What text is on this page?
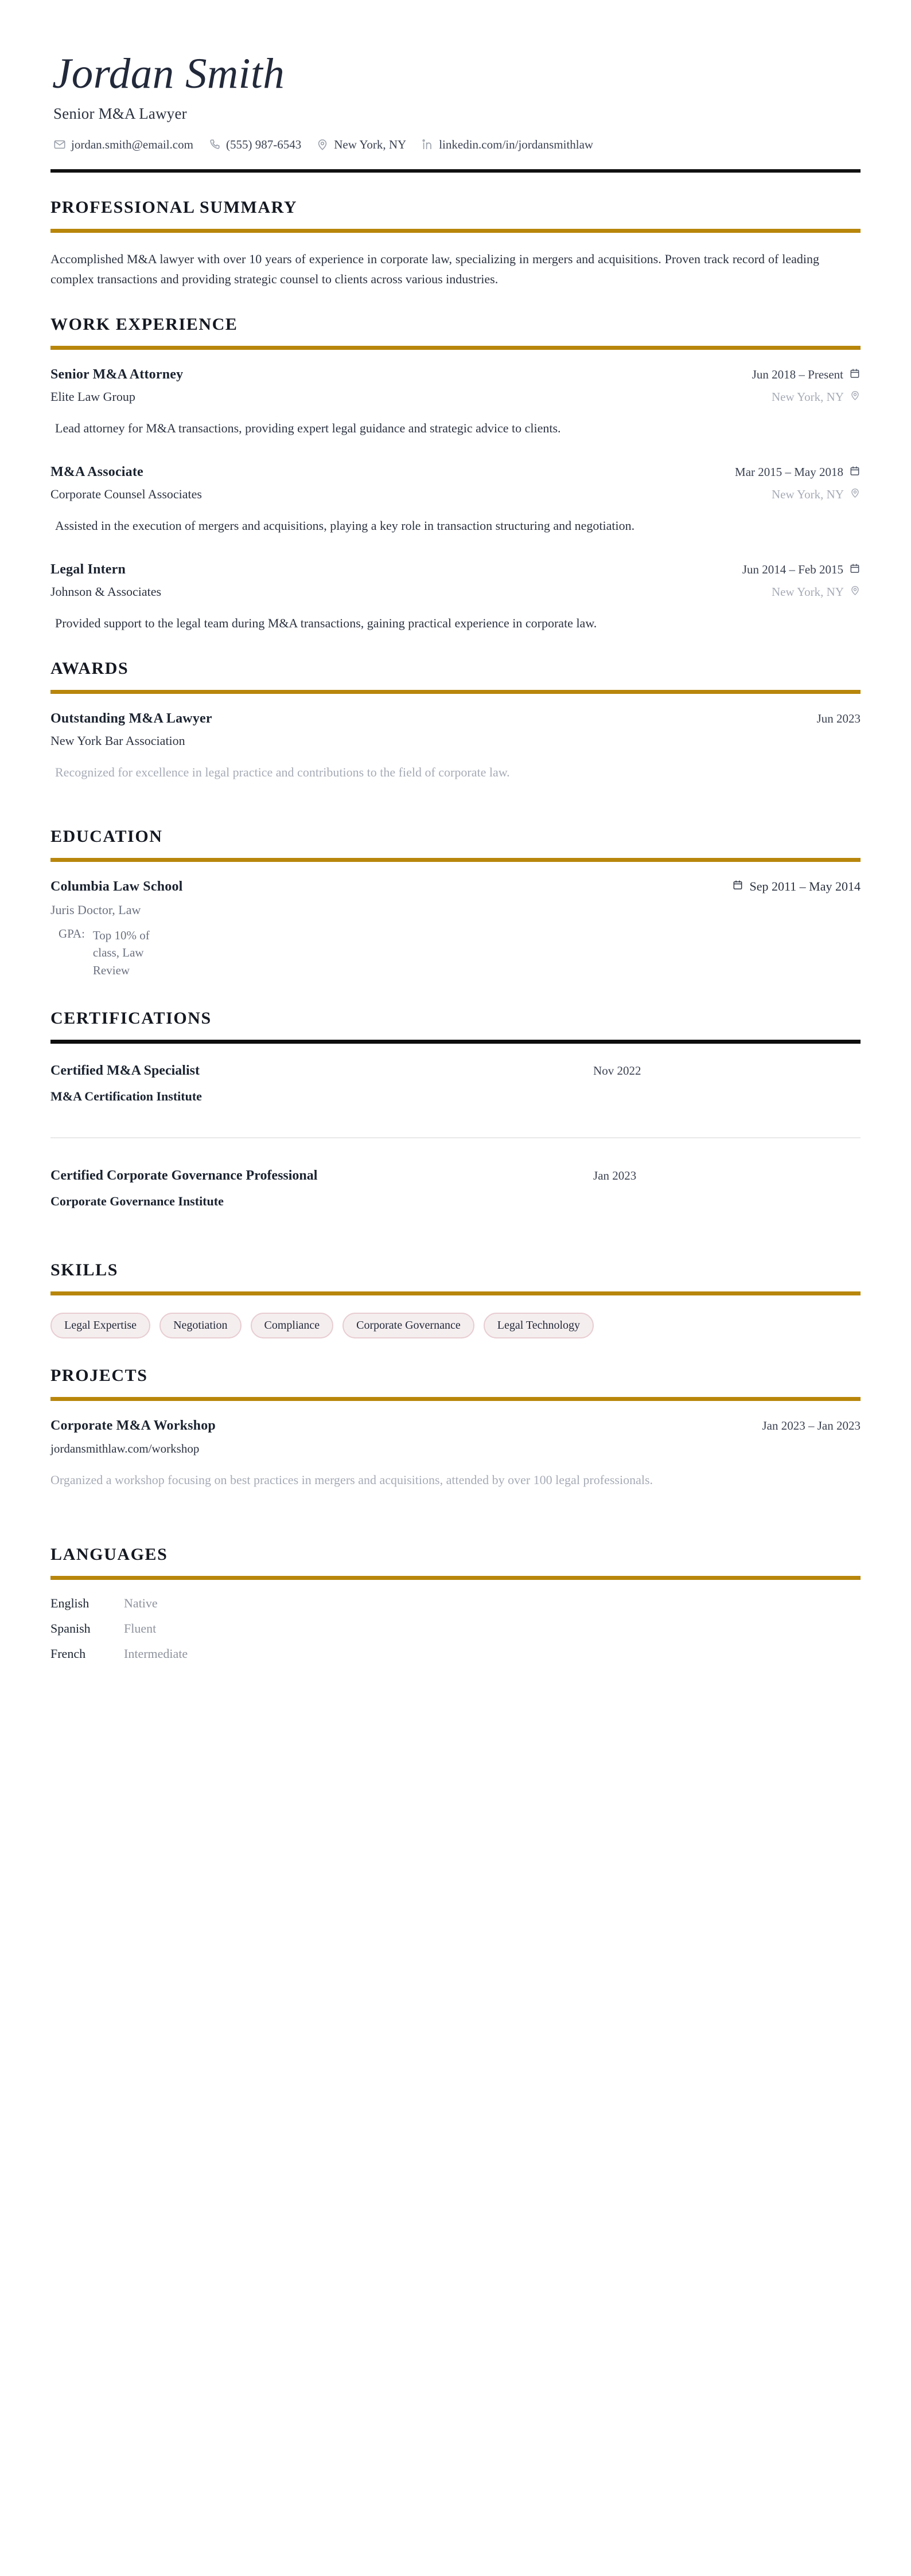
Jordan Smith
Senior M&A Lawyer
jordan.smith@email.com	(555) 987-6543	New York, NY	linkedin.com/in/jordansmithlaw
PROFESSIONAL SUMMARY
Accomplished M&A lawyer with over 10 years of experience in corporate law, specializing in mergers and acquisitions. Proven track record of leading complex transactions and providing strategic counsel to clients across various industries.
WORK EXPERIENCE
Senior M&A Attorney	Jun 2018 – Present
Elite Law Group	New York, NY
Lead attorney for M&A transactions, providing expert legal guidance and strategic advice to clients.
M&A Associate	Mar 2015 – May 2018
Corporate Counsel Associates	New York, NY
Assisted in the execution of mergers and acquisitions, playing a key role in transaction structuring and negotiation.
Legal Intern	Jun 2014 – Feb 2015
Johnson & Associates	New York, NY
Provided support to the legal team during M&A transactions, gaining practical experience in corporate law.
AWARDS
Outstanding M&A Lawyer	Jun 2023
New York Bar Association
Recognized for excellence in legal practice and contributions to the field of corporate law.
EDUCATION
Columbia Law School	Sep 2011 – May 2014
Juris Doctor, Law
GPA: Top 10% of class, Law Review
CERTIFICATIONS
Certified M&A Specialist	Nov 2022
M&A Certification Institute
Certified Corporate Governance Professional	Jan 2023
Corporate Governance Institute
SKILLS
Legal Expertise	Negotiation	Compliance	Corporate Governance	Legal Technology
PROJECTS
Corporate M&A Workshop	Jan 2023 – Jan 2023
jordansmithlaw.com/workshop
Organized a workshop focusing on best practices in mergers and acquisitions, attended by over 100 legal professionals.
LANGUAGES
English	Native
Spanish	Fluent
French	Intermediate
